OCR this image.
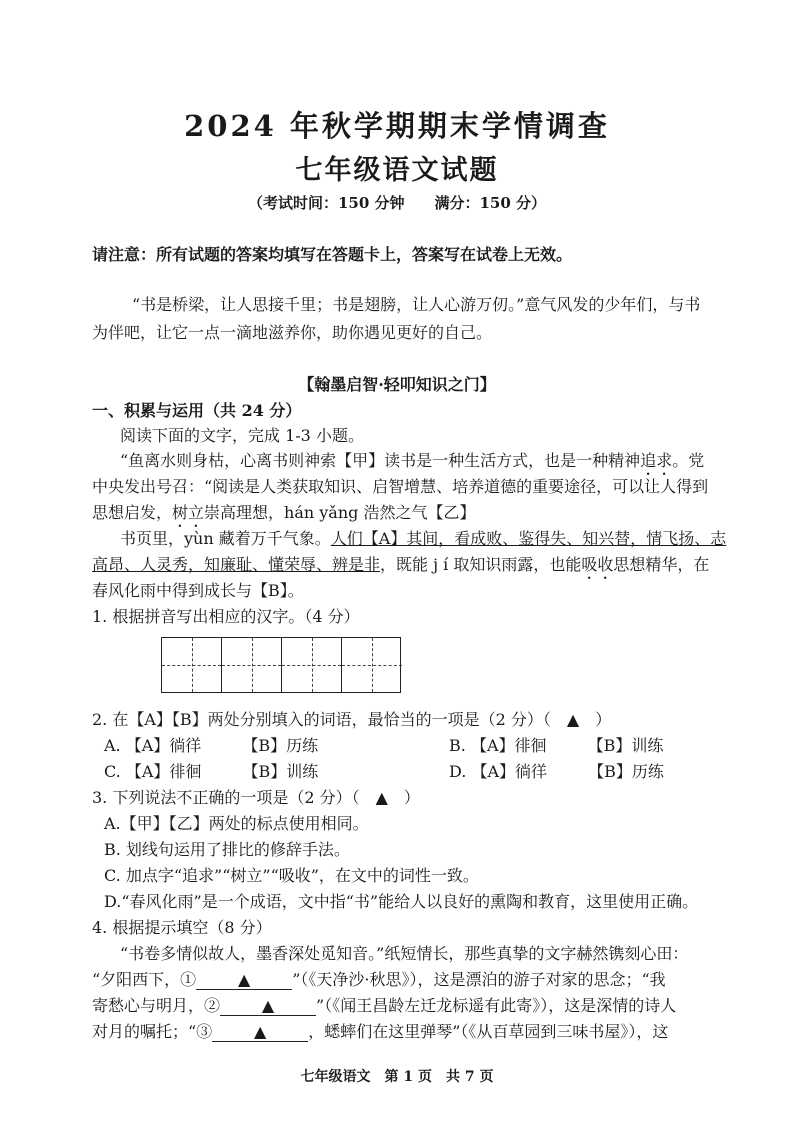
2024 年秋学期期末学情调查
七年级语文试题
（考试时间：150 分钟　　满分：150 分）
请注意：所有试题的答案均填写在答题卡上，答案写在试卷上无效。
“书是桥梁，让人思接千里；书是翅膀，让人心游万仞。”意气风发的少年们，与书
为伴吧，让它一点一滴地滋养你，助你遇见更好的自己。
【翰墨启智·轻叩知识之门】
一、积累与运用（共 24 分）
阅读下面的文字，完成 1-3 小题。
“鱼离水则身枯，心离书则神索【甲】读书是一种生活方式，也是一种精神追求。党
中央发出号召：“阅读是人类获取知识、启智增慧、培养道德的重要途径，可以让人得到
思想启发，树立崇高理想，hán yǎng 浩然之气【乙】
书页里，yùn 藏着万千气象。人们【A】其间，看成败、鉴得失、知兴替，情飞扬、志
高昂、人灵秀，知廉耻、懂荣辱、辨是非，既能 j í 取知识雨露，也能吸收思想精华，在
春风化雨中得到成长与【B】。
1. 根据拼音写出相应的汉字。（4 分）
2. 在【A】【B】两处分别填入的词语，最恰当的一项是（2 分）（　▲　）
A. 【A】徜徉	【B】历练	B. 【A】徘徊	【B】训练
C. 【A】徘徊	【B】训练	D. 【A】徜徉	【B】历练
3. 下列说法不正确的一项是（2 分）（　▲　）
A.【甲】【乙】两处的标点使用相同。
B. 划线句运用了排比的修辞手法。
C. 加点字“追求”“树立”“吸收”，在文中的词性一致。
D.“春风化雨”是一个成语，文中指“书”能给人以良好的熏陶和教育，这里使用正确。
4. 根据提示填空（8 分）
“书卷多情似故人，墨香深处觅知音。”纸短情长，那些真挚的文字赫然镌刻心田：
“夕阳西下，①	▲	”（《天净沙·秋思》），这是漂泊的游子对家的思念；“我
寄愁心与明月，②	▲	”（《闻王昌龄左迁龙标遥有此寄》），这是深情的诗人
对月的嘱托；“③	▲	，蟋蟀们在这里弹琴”（《从百草园到三味书屋》），这
七年级语文　第 1 页　共 7 页
